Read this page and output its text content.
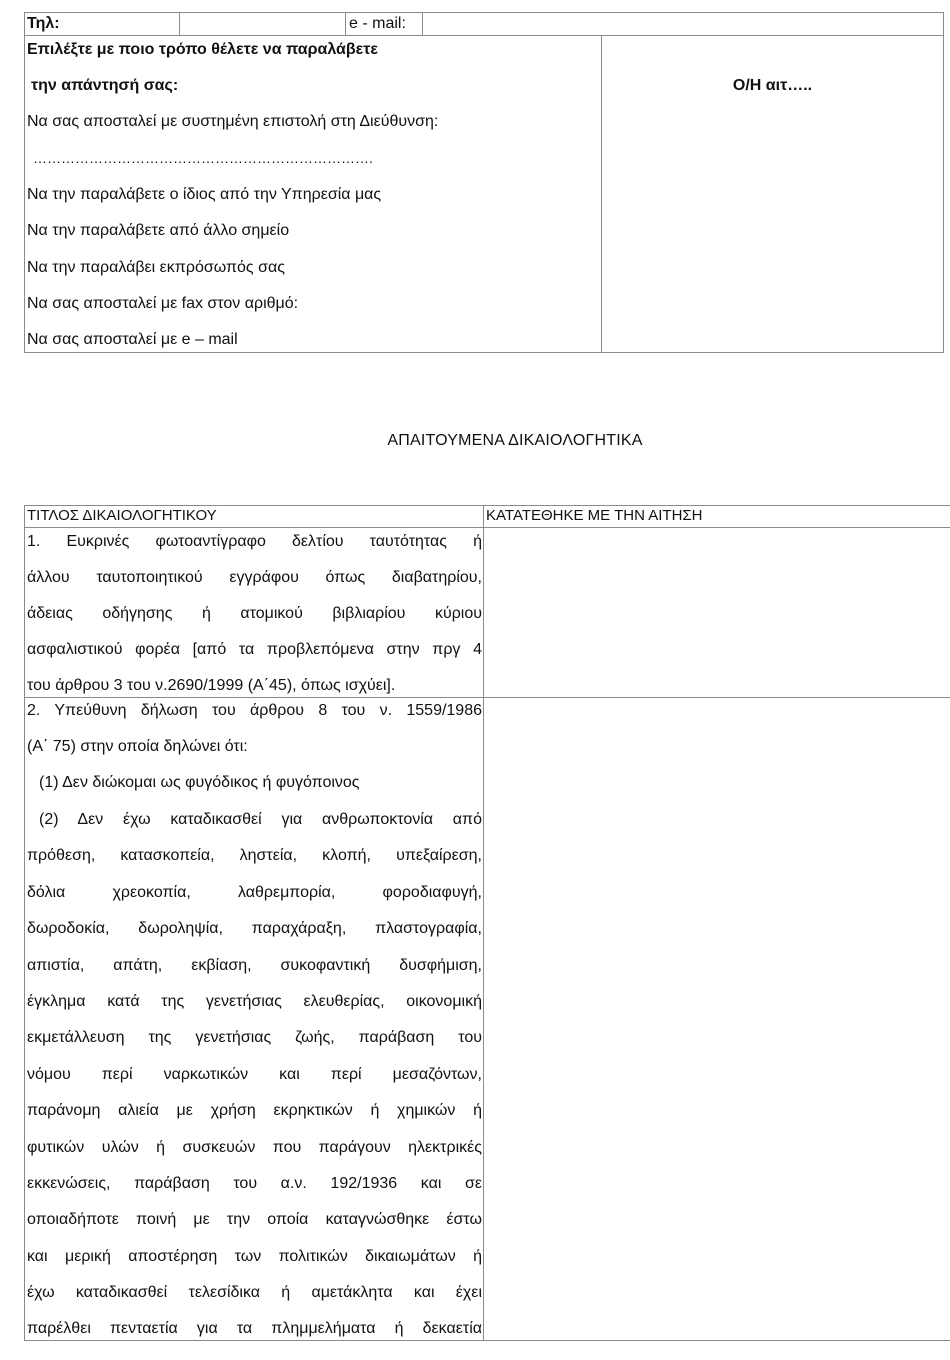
Τηλ:	e - mail:
Επιλέξτε με ποιο τρόπο θέλετε να παραλάβετε
την απάντησή σας:
Να σας αποσταλεί με συστημένη επιστολή στη Διεύθυνση:
……………………………………………………………….
Να την παραλάβετε ο ίδιος από την Υπηρεσία μας
Να την παραλάβετε από άλλο σημείο
Να την παραλάβει εκπρόσωπός σας
Να σας αποσταλεί με fax στον αριθμό:
Να σας αποσταλεί με e – mail
Ο/Η αιτ…..
ΑΠΑΙΤΟΥΜΕΝΑ ΔΙΚΑΙΟΛΟΓΗΤΙΚΑ
ΤΙΤΛΟΣ ΔΙΚΑΙΟΛΟΓΗΤΙΚΟΥ	ΚΑΤΑΤΕΘΗΚΕ ΜΕ ΤΗΝ ΑΙΤΗΣΗ
1. Ευκρινές φωτοαντίγραφο δελτίου ταυτότητας ή
άλλου ταυτοποιητικού εγγράφου όπως διαβατηρίου,
άδειας οδήγησης ή ατομικού βιβλιαρίου κύριου
ασφαλιστικού φορέα [από τα προβλεπόμενα στην πργ 4
του άρθρου 3 του ν.2690/1999 (Α΄45), όπως ισχύει].
2. Υπεύθυνη δήλωση του άρθρου 8 του ν. 1559/1986
(Α΄ 75) στην οποία δηλώνει ότι:
(1) Δεν διώκομαι ως φυγόδικος ή φυγόποινος
(2) Δεν έχω καταδικασθεί για ανθρωποκτονία από
πρόθεση, κατασκοπεία, ληστεία, κλοπή, υπεξαίρεση,
δόλια χρεοκοπία, λαθρεμπορία, φοροδιαφυγή,
δωροδοκία, δωροληψία, παραχάραξη, πλαστογραφία,
απιστία, απάτη, εκβίαση, συκοφαντική δυσφήμιση,
έγκλημα κατά της γενετήσιας ελευθερίας, οικονομική
εκμετάλλευση της γενετήσιας ζωής, παράβαση του
νόμου περί ναρκωτικών και περί μεσαζόντων,
παράνομη αλιεία με χρήση εκρηκτικών ή χημικών ή
φυτικών υλών ή συσκευών που παράγουν ηλεκτρικές
εκκενώσεις, παράβαση του α.ν. 192/1936 και σε
οποιαδήποτε ποινή με την οποία καταγνώσθηκε έστω
και μερική αποστέρηση των πολιτικών δικαιωμάτων ή
έχω καταδικασθεί τελεσίδικα ή αμετάκλητα και έχει
παρέλθει πενταετία για τα πλημμελήματα ή δεκαετία
